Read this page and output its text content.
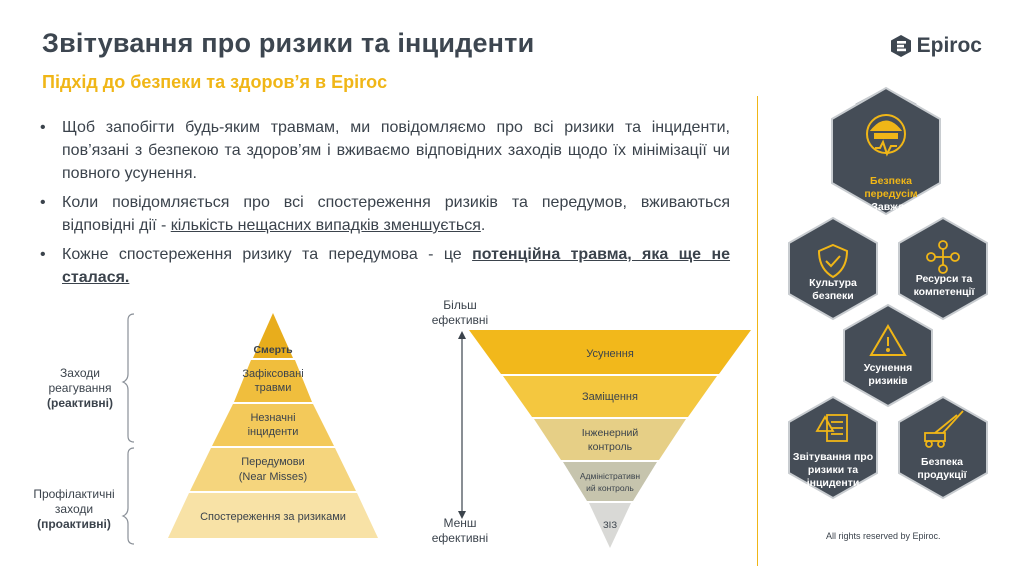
Звітування про ризики та інциденти
Підхід до безпеки та здоров’я в Epiroc
Epiroc
•	Щоб запобігти будь-яким травмам, ми повідомляємо про всі ризики та інциденти, пов’язані з безпекою та здоров’ям і вживаємо відповідних заходів щодо їх мінімізації чи повного усунення.
•	Коли повідомляється про всі спостереження ризиків та передумов, вживаються відповідні дії - кількість нещасних випадків зменшується.
•	Кожне спостереження ризику та передумова - це потенційна травма, яка ще не сталася.
Заходи реагування
(реактивні)
Профілактичні заходи
(проактивні)
Смерть
Зафіксовані
травми
Незначні
інциденти
Передумови
(Near Misses)
Спостереження за ризиками
Більш ефективні
Менш ефективні
Усунення
Заміщення
Інженерний
контроль
Адміністративн
ий контроль
ЗІЗ
Безпека передусім
Завжди
Культура безпеки
Ресурси та компетенції
Усунення ризиків
Звітування про ризики та інциденти
Безпека продукції
All rights reserved by Epiroc.
